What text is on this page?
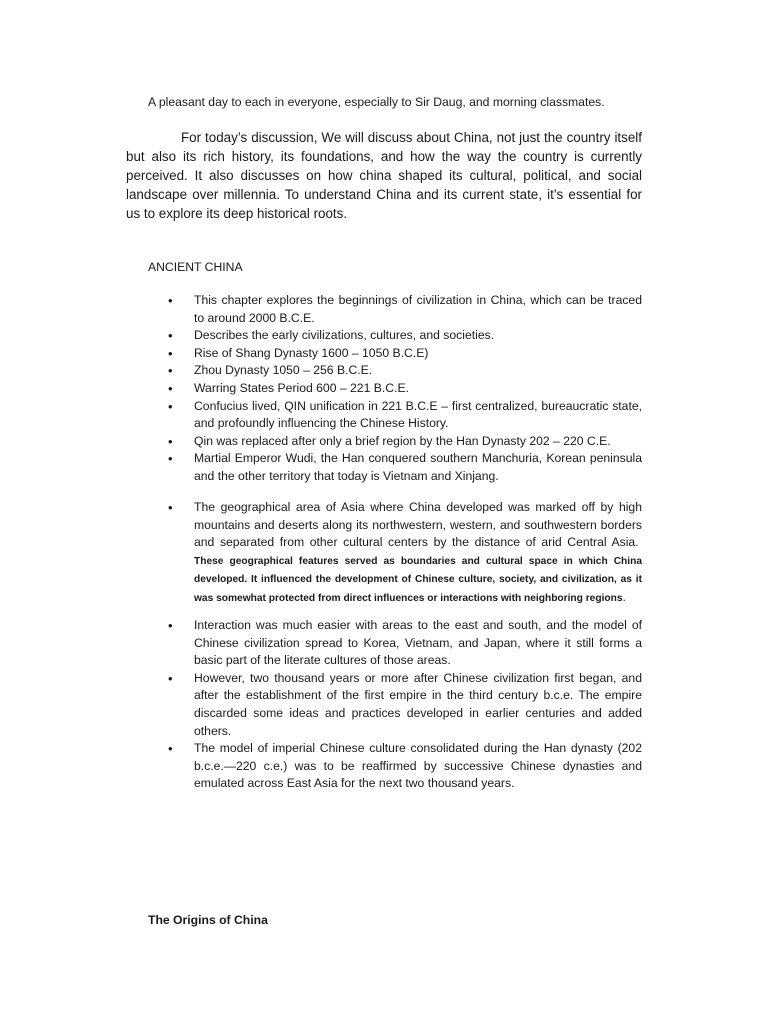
A pleasant day to each in everyone, especially to Sir Daug, and morning classmates.

For today’s discussion, We will discuss about China, not just the country itself but also its rich history, its foundations, and how the way the country is currently perceived. It also discusses on how china shaped its cultural, political, and social landscape over millennia. To understand China and its current state, it’s essential for us to explore its deep historical roots.

ANCIENT CHINA
• This chapter explores the beginnings of civilization in China, which can be traced to around 2000 B.C.E.
• Describes the early civilizations, cultures, and societies.
• Rise of Shang Dynasty 1600 – 1050 B.C.E)
• Zhou Dynasty 1050 – 256 B.C.E.
• Warring States Period 600 – 221 B.C.E.
• Confucius lived, QIN unification in 221 B.C.E – first centralized, bureaucratic state, and profoundly influencing the Chinese History.
• Qin was replaced after only a brief region by the Han Dynasty 202 – 220 C.E.
• Martial Emperor Wudi, the Han conquered southern Manchuria, Korean peninsula and the other territory that today is Vietnam and Xinjang.
• The geographical area of Asia where China developed was marked off by high mountains and deserts along its northwestern, western, and southwestern borders and separated from other cultural centers by the distance of arid Central Asia.  These geographical features served as boundaries and cultural space in which China developed. It influenced the development of Chinese culture, society, and civilization, as it was somewhat protected from direct influences or interactions with neighboring regions.
• Interaction was much easier with areas to the east and south, and the model of Chinese civilization spread to Korea, Vietnam, and Japan, where it still forms a basic part of the literate cultures of those areas.
• However, two thousand years or more after Chinese civilization first began, and after the establishment of the first empire in the third century b.c.e. The empire discarded some ideas and practices developed in earlier centuries and added others.
• The model of imperial Chinese culture consolidated during the Han dynasty (202 b.c.e.—220 c.e.) was to be reaffirmed by successive Chinese dynasties and emulated across East Asia for the next two thousand years.
The Origins of China
